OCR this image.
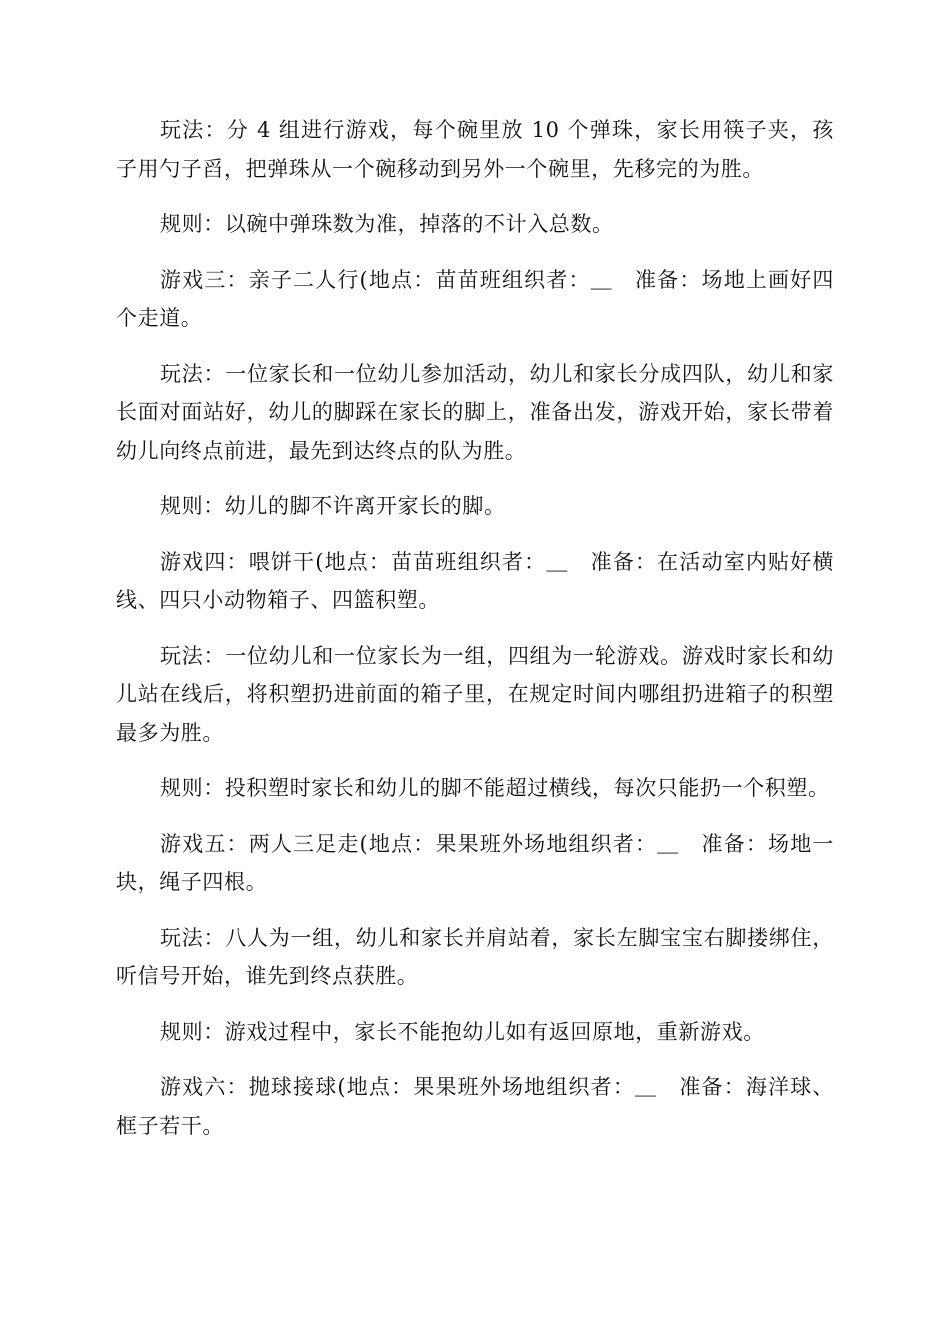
玩法：分 4 组进行游戏，每个碗里放 10 个弹珠，家长用筷子夹，孩子用勺子舀，把弹珠从一个碗移动到另外一个碗里，先移完的为胜。

规则：以碗中弹珠数为准，掉落的不计入总数。

游戏三：亲子二人行(地点：苗苗班组织者：＿　准备：场地上画好四个走道。

玩法：一位家长和一位幼儿参加活动，幼儿和家长分成四队，幼儿和家长面对面站好，幼儿的脚踩在家长的脚上，准备出发，游戏开始，家长带着幼儿向终点前进，最先到达终点的队为胜。

规则：幼儿的脚不许离开家长的脚。

游戏四：喂饼干(地点：苗苗班组织者：＿　准备：在活动室内贴好横线、四只小动物箱子、四篮积塑。

玩法：一位幼儿和一位家长为一组，四组为一轮游戏。游戏时家长和幼儿站在线后，将积塑扔进前面的箱子里，在规定时间内哪组扔进箱子的积塑最多为胜。

规则：投积塑时家长和幼儿的脚不能超过横线，每次只能扔一个积塑。

游戏五：两人三足走(地点：果果班外场地组织者：＿　准备：场地一块，绳子四根。

玩法：八人为一组，幼儿和家长并肩站着，家长左脚宝宝右脚搂绑住，听信号开始，谁先到终点获胜。

规则：游戏过程中，家长不能抱幼儿如有返回原地，重新游戏。

游戏六：抛球接球(地点：果果班外场地组织者：＿　准备：海洋球、框子若干。
